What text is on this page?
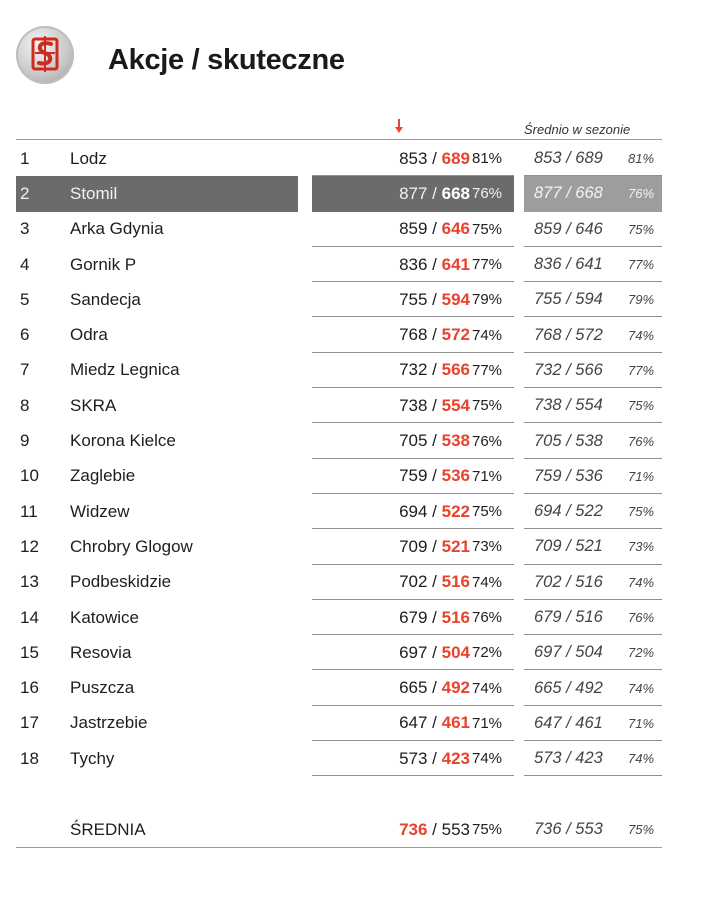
Akcje / skuteczne
Średnio w sezonie
1 Lodz	853 / 689 81% 853 / 689 81%
2 Stomil	877 / 668 76% 877 / 668 76%
3 Arka Gdynia	859 / 646 75% 859 / 646 75%
4 Gornik P	836 / 641 77% 836 / 641 77%
5 Sandecja	755 / 594 79% 755 / 594 79%
6 Odra	768 / 572 74% 768 / 572 74%
7 Miedz Legnica	732 / 566 77% 732 / 566 77%
8 SKRA	738 / 554 75% 738 / 554 75%
9 Korona Kielce	705 / 538 76% 705 / 538 76%
10 Zaglebie	759 / 536 71% 759 / 536 71%
11 Widzew	694 / 522 75% 694 / 522 75%
12 Chrobry Glogow	709 / 521 73% 709 / 521 73%
13 Podbeskidzie	702 / 516 74% 702 / 516 74%
14 Katowice	679 / 516 76% 679 / 516 76%
15 Resovia	697 / 504 72% 697 / 504 72%
16 Puszcza	665 / 492 74% 665 / 492 74%
17 Jastrzebie	647 / 461 71% 647 / 461 71%
18 Tychy	573 / 423 74% 573 / 423 74%
ŚREDNIA	736 / 553 75% 736 / 553 75%
